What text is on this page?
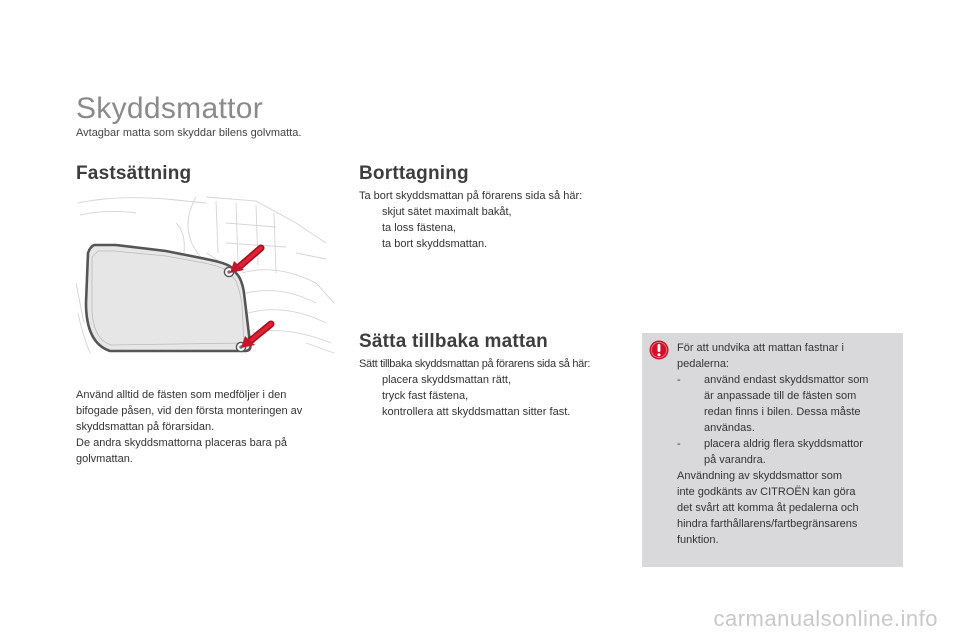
Skyddsmattor
Avtagbar matta som skyddar bilens golvmatta.
Fastsättning
Använd alltid de fästen som medföljer i den
bifogade påsen, vid den första monteringen av
skyddsmattan på förarsidan.
De andra skyddsmattorna placeras bara på
golvmattan.
Borttagning
Ta bort skyddsmattan på förarens sida så här:
skjut sätet maximalt bakåt,
ta loss fästena,
ta bort skyddsmattan.
Sätta tillbaka mattan
Sätt tillbaka skyddsmattan på förarens sida så här:
placera skyddsmattan rätt,
tryck fast fästena,
kontrollera att skyddsmattan sitter fast.

För att undvika att mattan fastnar i

pedalerna:

- använd endast skyddsmattor som
är anpassade till de fästen som
redan finns i bilen. Dessa måste
användas.
- placera aldrig flera skyddsmattor
på varandra.

Användning av skyddsmattor som

inte godkänts av CITROËN kan göra

det svårt att komma åt pedalerna och

hindra farthållarens/fartbegränsarens

funktion.

carmanualsonline.info
